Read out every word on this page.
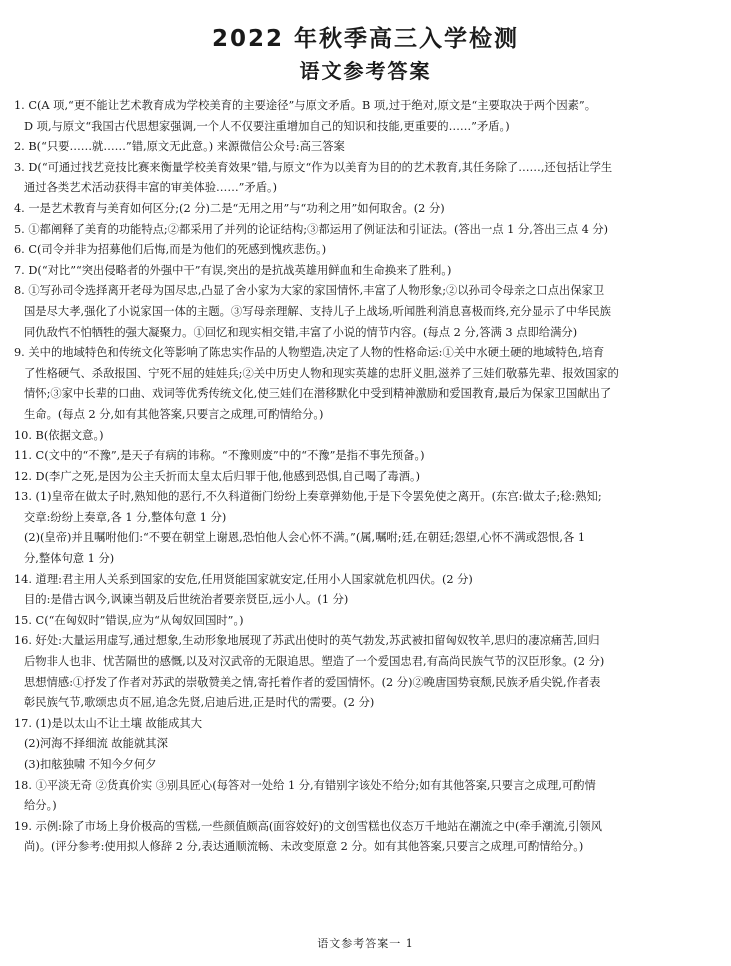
2022 年秋季高三入学检测
语文参考答案
1. C(A 项,“更不能让艺术教育成为学校美育的主要途径”与原文矛盾。B 项,过于绝对,原文是“主要取决于两个因素”。
D 项,与原文“我国古代思想家强调,一个人不仅要注重增加自己的知识和技能,更重要的……”矛盾。)
2. B(“只要……就……”错,原文无此意。) 来源微信公众号:高三答案
3. D(“可通过找艺竞技比赛来衡量学校美育效果”错,与原文“作为以美育为目的的艺术教育,其任务除了……,还包括让学生
通过各类艺术活动获得丰富的审美体验……”矛盾。)
4. 一是艺术教育与美育如何区分;(2 分)二是“无用之用”与“功利之用”如何取舍。(2 分)
5. ①都阐释了美育的功能特点;②都采用了并列的论证结构;③都运用了例证法和引证法。(答出一点 1 分,答出三点 4 分)
6. C(司令并非为招募他们后悔,而是为他们的死感到愧疚悲伤。)
7. D(“对比”“突出侵略者的外强中干”有误,突出的是抗战英雄用鲜血和生命换来了胜利。)
8. ①写孙司令选择离开老母为国尽忠,凸显了舍小家为大家的家国情怀,丰富了人物形象;②以孙司令母亲之口点出保家卫
国是尽大孝,强化了小说家国一体的主题。③写母亲理解、支持儿子上战场,听闻胜利消息喜极而终,充分显示了中华民族
同仇敌忾不怕牺牲的强大凝聚力。①回忆和现实相交错,丰富了小说的情节内容。(每点 2 分,答满 3 点即给满分)
9. 关中的地域特色和传统文化等影响了陈忠实作品的人物塑造,决定了人物的性格命运:①关中水硬土硬的地域特色,培育
了性格硬气、杀敌报国、宁死不屈的娃娃兵;②关中历史人物和现实英雄的忠肝义胆,滋养了三娃们敬慕先辈、报效国家的
情怀;③家中长辈的口曲、戏词等优秀传统文化,使三娃们在潜移默化中受到精神激励和爱国教育,最后为保家卫国献出了
生命。(每点 2 分,如有其他答案,只要言之成理,可酌情给分。)
10. B(依据文意。)
11. C(文中的“不豫”,是天子有病的讳称。“不豫则废”中的“不豫”是指不事先预备。)
12. D(李广之死,是因为公主夭折而太皇太后归罪于他,他感到恐惧,自己喝了毒酒。)
13. (1)皇帝在做太子时,熟知他的恶行,不久科道衙门纷纷上奏章弹劾他,于是下令罢免使之离开。(东宫:做太子;稔:熟知;
交章:纷纷上奏章,各 1 分,整体句意 1 分)
(2)(皇帝)并且嘱咐他们:“不要在朝堂上谢恩,恐怕他人会心怀不满。”(属,嘱咐;廷,在朝廷;怨望,心怀不满或怨恨,各 1
分,整体句意 1 分)
14. 道理:君主用人关系到国家的安危,任用贤能国家就安定,任用小人国家就危机四伏。(2 分)
目的:是借古讽今,讽谏当朝及后世统治者要亲贤臣,远小人。(1 分)
15. C(“在匈奴时”错误,应为“从匈奴回国时”。)
16. 好处:大量运用虚写,通过想象,生动形象地展现了苏武出使时的英气勃发,苏武被扣留匈奴牧羊,思归的凄凉痛苦,回归
后物非人也非、忧苦隔世的感慨,以及对汉武帝的无限追思。塑造了一个爱国忠君,有高尚民族气节的汉臣形象。(2 分)
思想情感:①抒发了作者对苏武的崇敬赞美之情,寄托着作者的爱国情怀。(2 分)②晚唐国势衰颓,民族矛盾尖锐,作者表
彰民族气节,歌颂忠贞不屈,追念先贤,启迪后进,正是时代的需要。(2 分)
17. (1)是以太山不让土壤 故能成其大
(2)河海不择细流 故能就其深
(3)扣舷独啸 不知今夕何夕
18. ①平淡无奇 ②货真价实 ③别具匠心(每答对一处给 1 分,有错别字该处不给分;如有其他答案,只要言之成理,可酌情
给分。)
19. 示例:除了市场上身价极高的雪糕,一些颜值颇高(面容姣好)的文创雪糕也仪态万千地站在潮流之中(牵手潮流,引领风
尚)。(评分参考:使用拟人修辞 2 分,表达通顺流畅、未改变原意 2 分。如有其他答案,只要言之成理,可酌情给分。)
语文参考答案一 1
